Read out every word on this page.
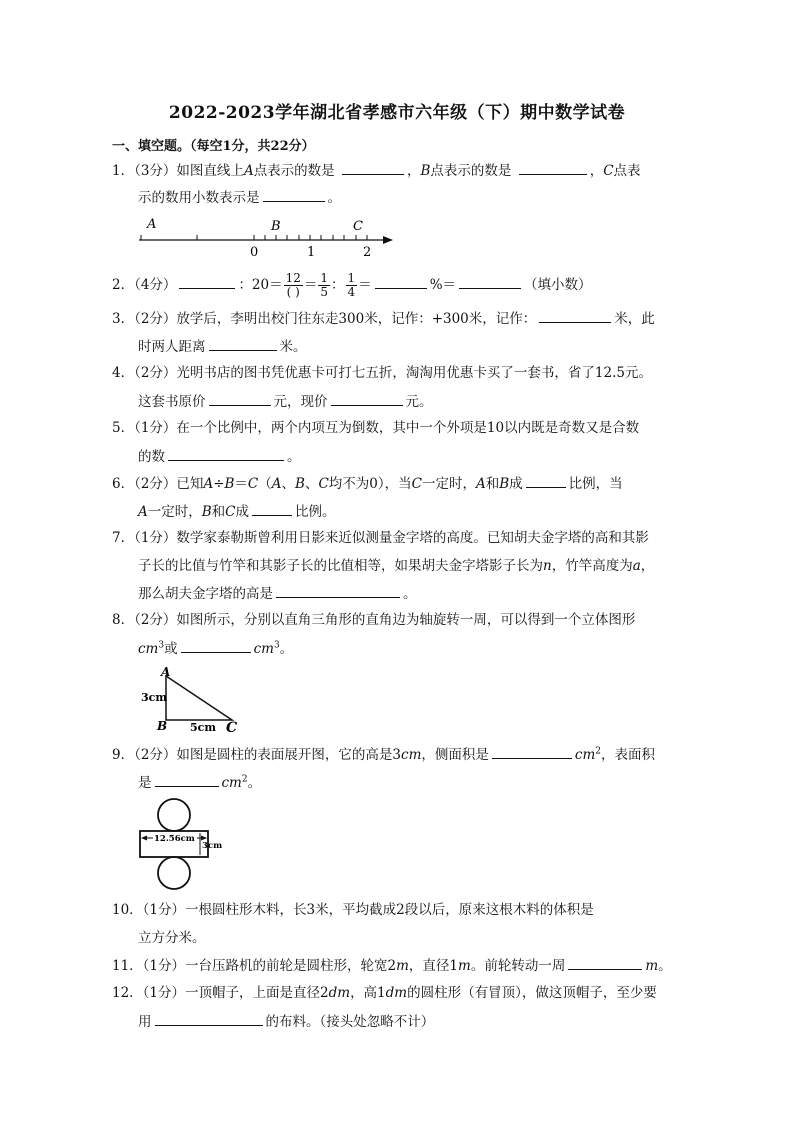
2022-2023学年湖北省孝感市六年级（下）期中数学试卷
一、填空题。（每空1分，共22分）
1．（3分）如图直线上A点表示的数是	，B点表示的数是	，C点表
示的数用小数表示是	。
A	B	C
0	1	2
2．（4分）	：$20= \frac{12}{( )} = \frac{1}{5}$ ： $\frac{1}{4}$ ＝	%＝	（填小数）
3．（2分）放学后，李明出校门往东走300米，记作：+300米，记作：	米，此
时两人距离	米。
4．（2分）光明书店的图书凭优惠卡可打七五折，淘淘用优惠卡买了一套书，省了12.5元。
这套书原价	元，现价	元。
5．（1分）在一个比例中，两个内项互为倒数，其中一个外项是10以内既是奇数又是合数
的数	。
6．（2分）已知A÷B＝C（A、B、C均不为0），当C一定时，A和B成	比例，当
A一定时，B和C成	比例。
7．（1分）数学家泰勒斯曾利用日影来近似测量金字塔的高度。已知胡夫金字塔的高和其影
子长的比值与竹竿和其影子长的比值相等，如果胡夫金字塔影子长为n，竹竿高度为a，
那么胡夫金字塔的高是	。
8．（2分）如图所示，分别以直角三角形的直角边为轴旋转一周，可以得到一个立体图形
$cm^3$或	$cm^3$。
A
B	C
3cm
5cm
9．（2分）如图是圆柱的表面展开图，它的高是3cm，侧面积是	$cm^2$，表面积
是	$cm^2$。
12.56cm
3cm
10．（1分）一根圆柱形木料，长3米，平均截成2段以后，原来这根木料的体积是
立方分米。
11．（1分）一台压路机的前轮是圆柱形，轮宽2m，直径1m。前轮转动一周	m。
12．（1分）一顶帽子，上面是直径2dm，高1dm的圆柱形（有冒顶），做这顶帽子，至少要
用	的布料。（接头处忽略不计）
